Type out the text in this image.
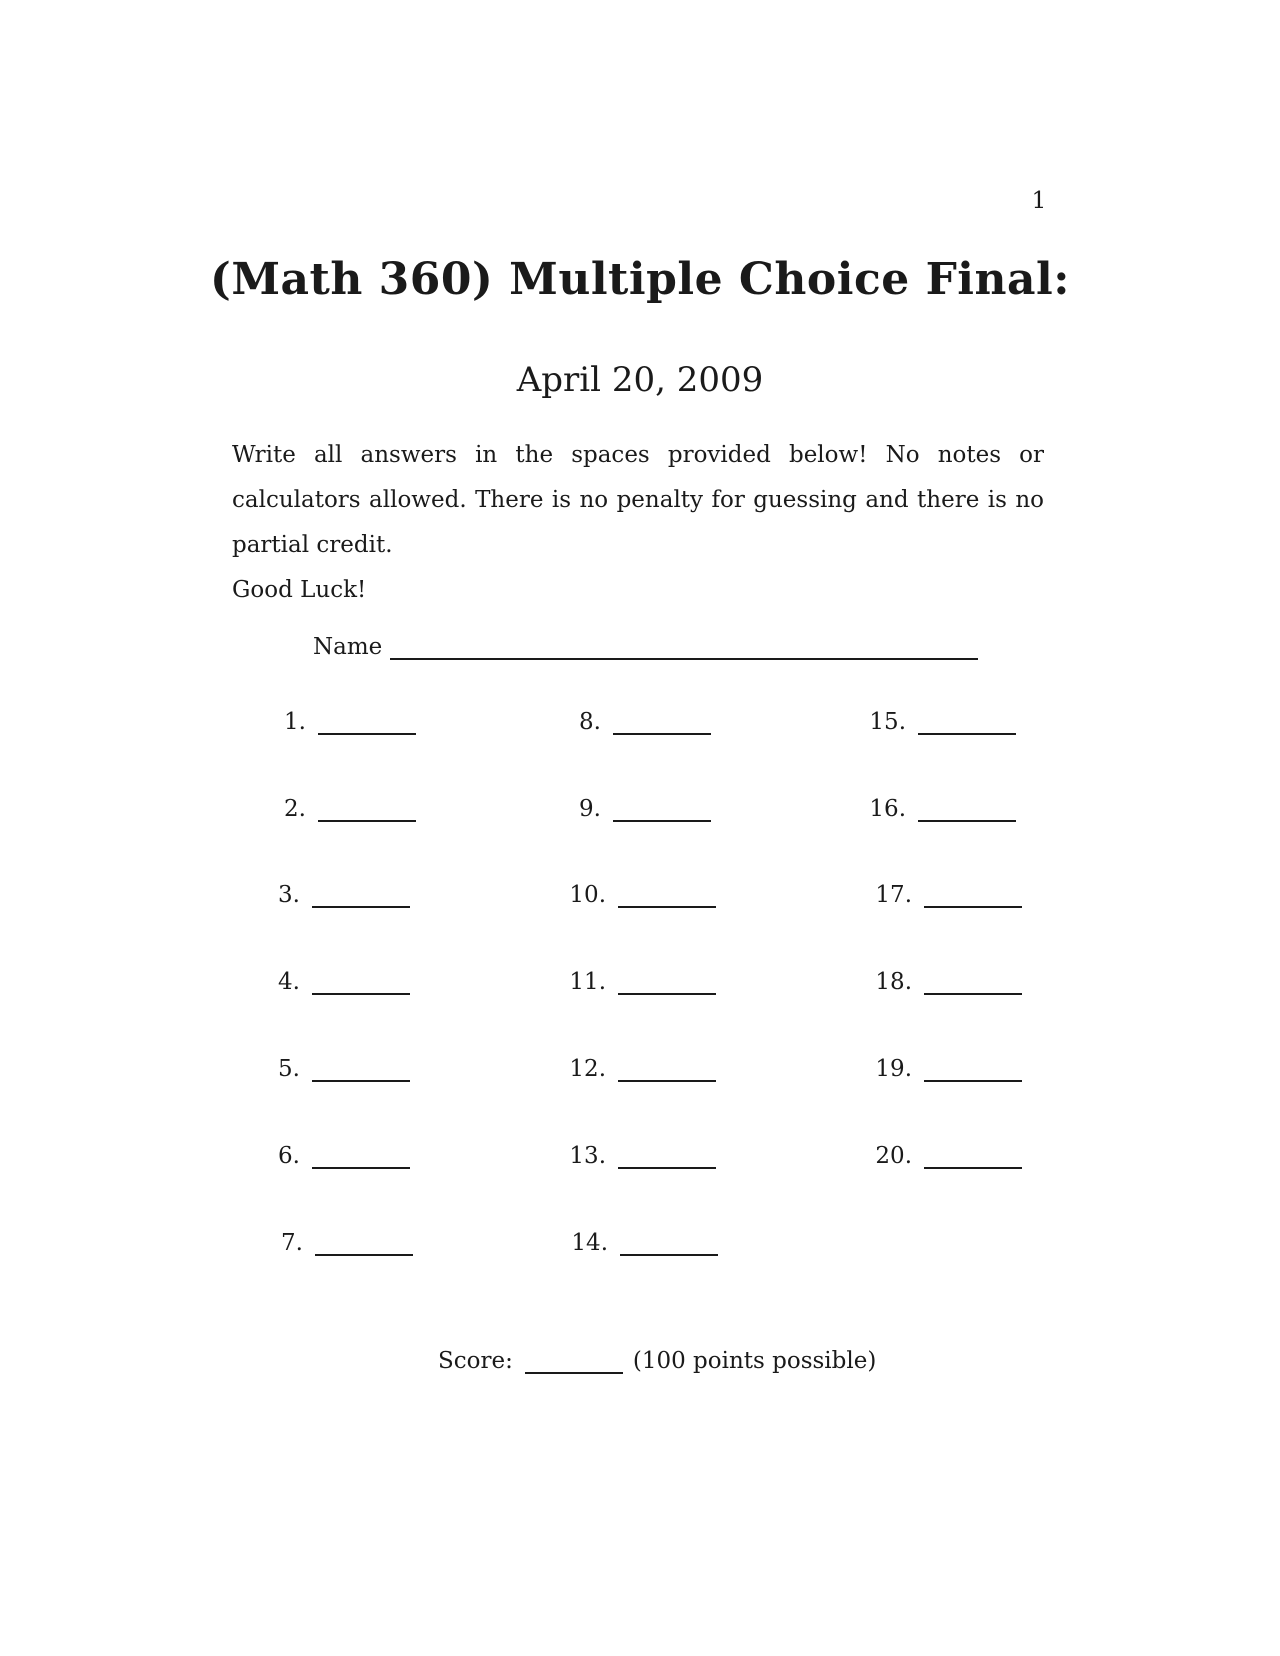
1
(Math 360) Multiple Choice Final:
April 20, 2009
Write all answers in the spaces provided below! No notes or calculators allowed. There is no penalty for guessing and there is no partial credit.
Good Luck!
Name
1.
2.
3.
4.
5.
6.
7.
8.
9.
10.
11.
12.
13.
14.
15.
16.
17.
18.
19.
20.
Score:	(100 points possible)
